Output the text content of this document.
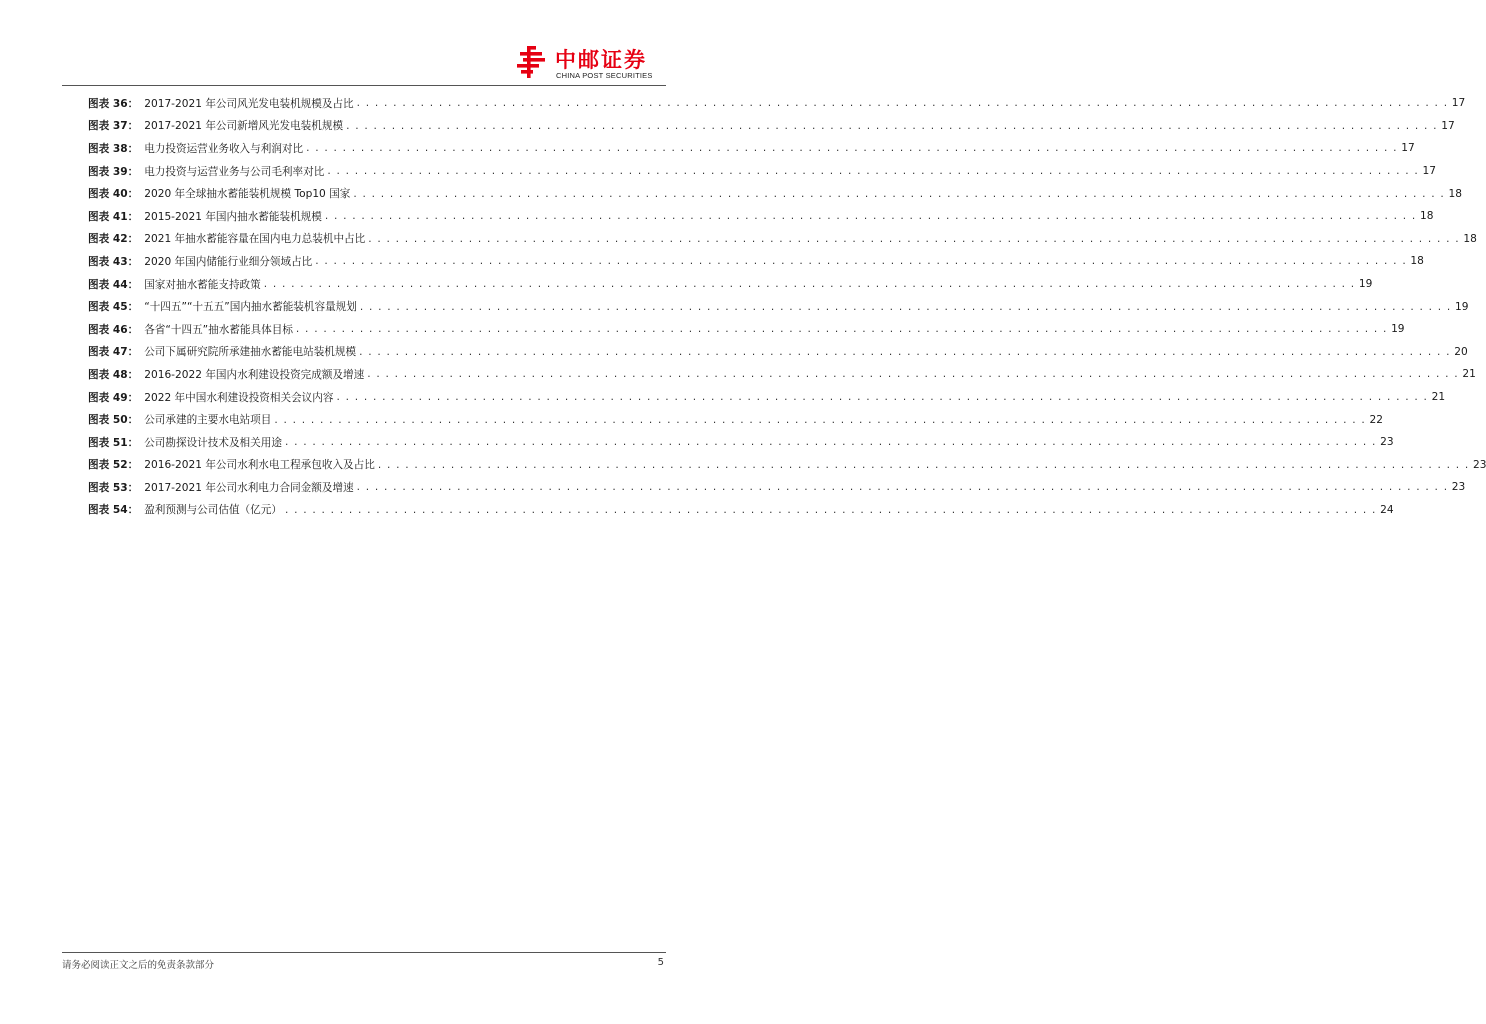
中邮证券
CHINA POST SECURITIES
图表 36： 2017-2021 年公司风光发电装机规模及占比 . . . . . . . . . . . . . . . . . . . . . . . . . . . . . . . . . . . . . . . . . . . . . . . . . . . . . . . . . . . . . . . . . . . . . . . . . . . . . . . . . . . . . . . . . . . . . . . . . . . . . . . . . . . . . . . . . . . . . . . . 17
图表 37： 2017-2021 年公司新增风光发电装机规模 . . . . . . . . . . . . . . . . . . . . . . . . . . . . . . . . . . . . . . . . . . . . . . . . . . . . . . . . . . . . . . . . . . . . . . . . . . . . . . . . . . . . . . . . . . . . . . . . . . . . . . . . . . . . . . . . . . . . . . . . 17
图表 38： 电力投资运营业务收入与利润对比 . . . . . . . . . . . . . . . . . . . . . . . . . . . . . . . . . . . . . . . . . . . . . . . . . . . . . . . . . . . . . . . . . . . . . . . . . . . . . . . . . . . . . . . . . . . . . . . . . . . . . . . . . . . . . . . . . . . . . . . . 17
图表 39： 电力投资与运营业务与公司毛利率对比 . . . . . . . . . . . . . . . . . . . . . . . . . . . . . . . . . . . . . . . . . . . . . . . . . . . . . . . . . . . . . . . . . . . . . . . . . . . . . . . . . . . . . . . . . . . . . . . . . . . . . . . . . . . . . . . . . . . . . . . . 17
图表 40： 2020 年全球抽水蓄能装机规模 Top10 国家 . . . . . . . . . . . . . . . . . . . . . . . . . . . . . . . . . . . . . . . . . . . . . . . . . . . . . . . . . . . . . . . . . . . . . . . . . . . . . . . . . . . . . . . . . . . . . . . . . . . . . . . . . . . . . . . . . . . . . . . . 18
图表 41： 2015-2021 年国内抽水蓄能装机规模 . . . . . . . . . . . . . . . . . . . . . . . . . . . . . . . . . . . . . . . . . . . . . . . . . . . . . . . . . . . . . . . . . . . . . . . . . . . . . . . . . . . . . . . . . . . . . . . . . . . . . . . . . . . . . . . . . . . . . . . . 18
图表 42： 2021 年抽水蓄能容量在国内电力总装机中占比 . . . . . . . . . . . . . . . . . . . . . . . . . . . . . . . . . . . . . . . . . . . . . . . . . . . . . . . . . . . . . . . . . . . . . . . . . . . . . . . . . . . . . . . . . . . . . . . . . . . . . . . . . . . . . . . . . . . . . . . . 18
图表 43： 2020 年国内储能行业细分领域占比 . . . . . . . . . . . . . . . . . . . . . . . . . . . . . . . . . . . . . . . . . . . . . . . . . . . . . . . . . . . . . . . . . . . . . . . . . . . . . . . . . . . . . . . . . . . . . . . . . . . . . . . . . . . . . . . . . . . . . . . . 18
图表 44： 国家对抽水蓄能支持政策 . . . . . . . . . . . . . . . . . . . . . . . . . . . . . . . . . . . . . . . . . . . . . . . . . . . . . . . . . . . . . . . . . . . . . . . . . . . . . . . . . . . . . . . . . . . . . . . . . . . . . . . . . . . . . . . . . . . . . . . . 19
图表 45： “十四五”“十五五”国内抽水蓄能装机容量规划 . . . . . . . . . . . . . . . . . . . . . . . . . . . . . . . . . . . . . . . . . . . . . . . . . . . . . . . . . . . . . . . . . . . . . . . . . . . . . . . . . . . . . . . . . . . . . . . . . . . . . . . . . . . . . . . . . . . . . . . . 19
图表 46： 各省“十四五”抽水蓄能具体目标 . . . . . . . . . . . . . . . . . . . . . . . . . . . . . . . . . . . . . . . . . . . . . . . . . . . . . . . . . . . . . . . . . . . . . . . . . . . . . . . . . . . . . . . . . . . . . . . . . . . . . . . . . . . . . . . . . . . . . . . . 19
图表 47： 公司下属研究院所承建抽水蓄能电站装机规模 . . . . . . . . . . . . . . . . . . . . . . . . . . . . . . . . . . . . . . . . . . . . . . . . . . . . . . . . . . . . . . . . . . . . . . . . . . . . . . . . . . . . . . . . . . . . . . . . . . . . . . . . . . . . . . . . . . . . . . . . 20
图表 48： 2016-2022 年国内水利建设投资完成额及增速 . . . . . . . . . . . . . . . . . . . . . . . . . . . . . . . . . . . . . . . . . . . . . . . . . . . . . . . . . . . . . . . . . . . . . . . . . . . . . . . . . . . . . . . . . . . . . . . . . . . . . . . . . . . . . . . . . . . . . . . . 21
图表 49： 2022 年中国水利建设投资相关会议内容 . . . . . . . . . . . . . . . . . . . . . . . . . . . . . . . . . . . . . . . . . . . . . . . . . . . . . . . . . . . . . . . . . . . . . . . . . . . . . . . . . . . . . . . . . . . . . . . . . . . . . . . . . . . . . . . . . . . . . . . . 21
图表 50： 公司承建的主要水电站项目 . . . . . . . . . . . . . . . . . . . . . . . . . . . . . . . . . . . . . . . . . . . . . . . . . . . . . . . . . . . . . . . . . . . . . . . . . . . . . . . . . . . . . . . . . . . . . . . . . . . . . . . . . . . . . . . . . . . . . . . . 22
图表 51： 公司勘探设计技术及相关用途 . . . . . . . . . . . . . . . . . . . . . . . . . . . . . . . . . . . . . . . . . . . . . . . . . . . . . . . . . . . . . . . . . . . . . . . . . . . . . . . . . . . . . . . . . . . . . . . . . . . . . . . . . . . . . . . . . . . . . . . . 23
图表 52： 2016-2021 年公司水利水电工程承包收入及占比 . . . . . . . . . . . . . . . . . . . . . . . . . . . . . . . . . . . . . . . . . . . . . . . . . . . . . . . . . . . . . . . . . . . . . . . . . . . . . . . . . . . . . . . . . . . . . . . . . . . . . . . . . . . . . . . . . . . . . . . . 23
图表 53： 2017-2021 年公司水利电力合同金额及增速 . . . . . . . . . . . . . . . . . . . . . . . . . . . . . . . . . . . . . . . . . . . . . . . . . . . . . . . . . . . . . . . . . . . . . . . . . . . . . . . . . . . . . . . . . . . . . . . . . . . . . . . . . . . . . . . . . . . . . . . . 23
图表 54： 盈利预测与公司估值（亿元） . . . . . . . . . . . . . . . . . . . . . . . . . . . . . . . . . . . . . . . . . . . . . . . . . . . . . . . . . . . . . . . . . . . . . . . . . . . . . . . . . . . . . . . . . . . . . . . . . . . . . . . . . . . . . . . . . . . . . . . . 24
请务必阅读正文之后的免责条款部分	5
